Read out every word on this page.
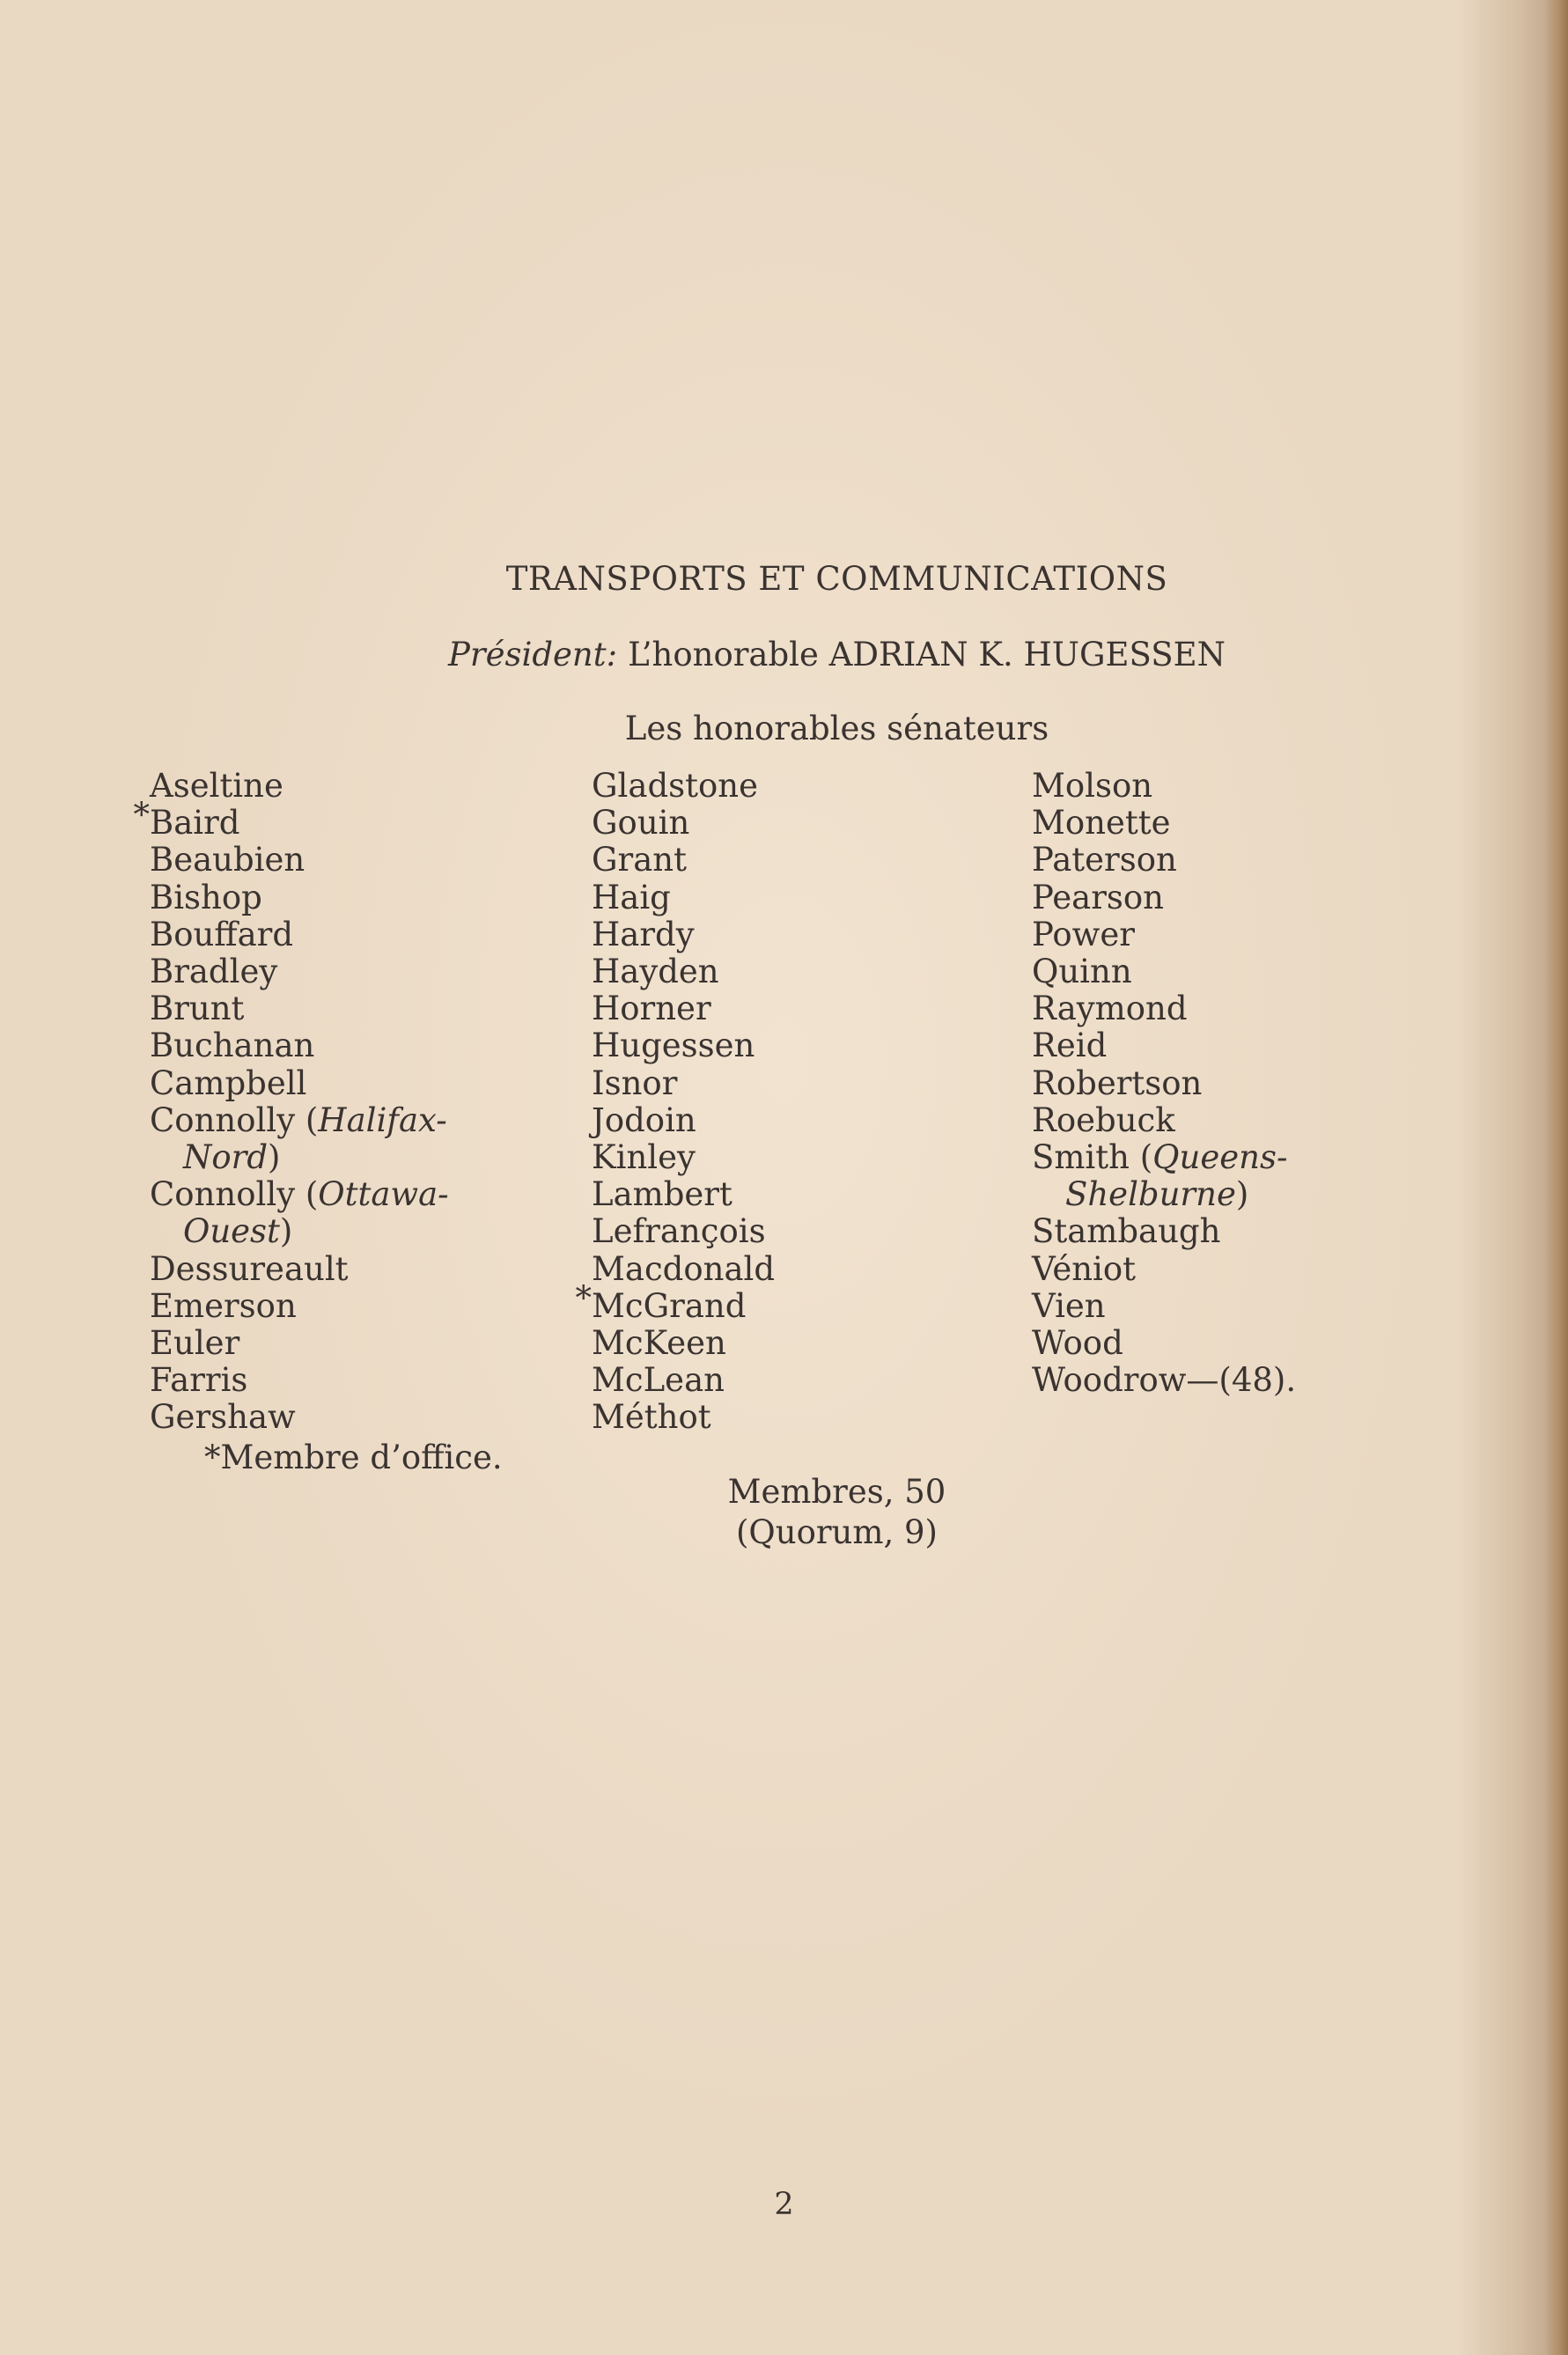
TRANSPORTS ET COMMUNICATIONS
Président: L’honorable ADRIAN K. HUGESSEN
Les honorables sénateurs
*
Aseltine
Baird
Beaubien
Bishop
Bouffard
Bradley
Brunt
Buchanan
Campbell
Connolly (Halifax-
Nord)
Connolly (Ottawa-
Ouest)
Dessureault
Emerson
Euler
Farris
Gershaw
Gladstone
Gouin
Grant
Haig
Hardy
Hayden
Horner
Hugessen
Isnor
Jodoin
Kinley
Lambert
Lefrançois
*
Macdonald
McGrand
McKeen
McLean
Méthot
Molson
Monette
Paterson
Pearson
Power
Quinn
Raymond
Reid
Robertson
Roebuck
Smith (Queens-
Shelburne)
Stambaugh
Véniot
Vien
Wood
Woodrow—(48).
*Membre d’office.
Membres, 50
(Quorum, 9)
2
